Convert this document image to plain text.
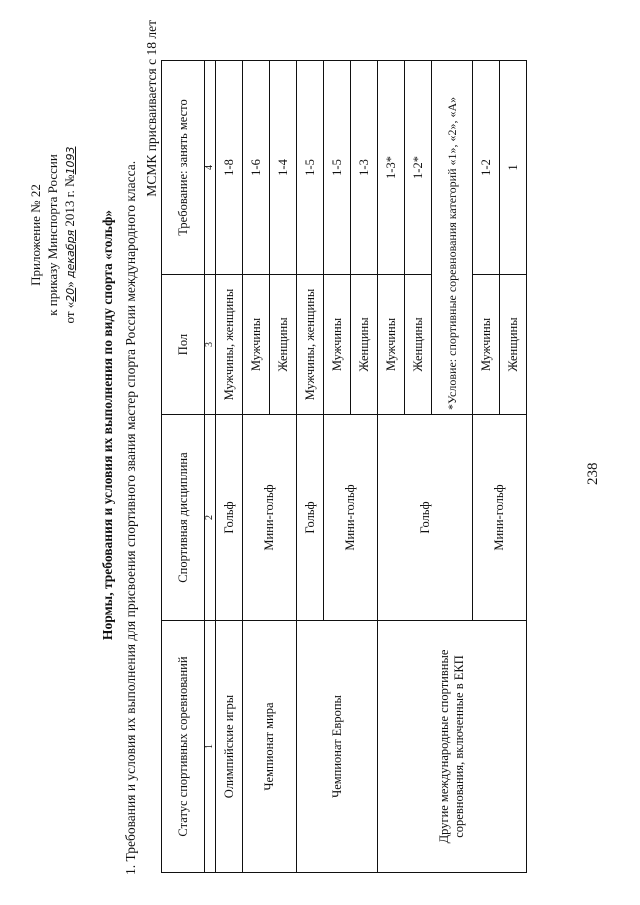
238
Приложение № 22 к приказу Минспорта России от «20» декабря 2013 г. №1093
Нормы, требования и условия их выполнения по виду спорта «гольф» 1. Требования и условия их выполнения для присвоения спортивного звания мастер спорта России международного класса.
МСМК присваивается с 18 лет
Статус спортивных соревнований	Спортивная дисциплина	Пол	Требование: занять место
1	2	3	4
Олимпийские игры	Гольф	Мужчины, женщины	1-8
Чемпионат мира	Мини-гольф	Мужчины	1-6
		Женщины	1-4
Чемпионат Европы	Гольф	Мужчины, женщины	1-5
	Мини-гольф	Мужчины	1-5
		Женщины	1-3
Другие международные спортивные соревнования, включенные в ЕКП	Гольф	Мужчины	1-3*
		Женщины	1-2*
		*Условие: спортивные соревнования категорий «1», «2», «А»	
	Мини-гольф	Мужчины	1-2
		Женщины	1
